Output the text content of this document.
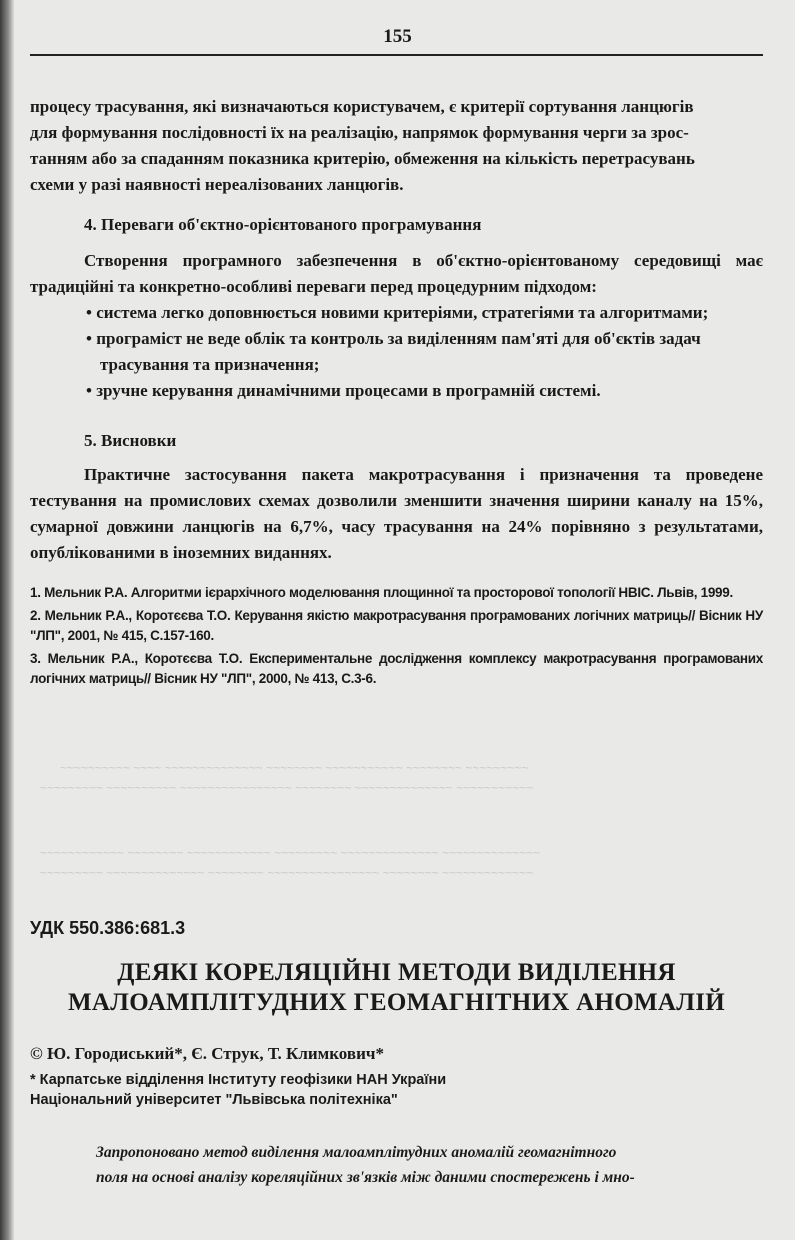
155

процесу трасування, які визначаються користувачем, є критерії сортування ланцюгів

для формування послідовності їх на реалізацію, напрямок формування черги за зрос-

танням або за спаданням показника критерію, обмеження на кількість перетрасувань

схеми у разі наявності нереалізованих ланцюгів.

4. Переваги об'єктно-орієнтованого програмування

Створення програмного забезпечення в об'єктно-орієнтованому середовищі має традиційні та конкретно-особливі переваги перед процедурним підходом:

• система легко доповнюється новими критеріями, стратегіями та алгоритмами;

• програміст не веде облік та контроль за виділенням пам'яті для об'єктів задач трасування та призначення;

• зручне керування динамічними процесами в програмній системі.

5. Висновки

Практичне застосування пакета макротрасування і призначення та проведене тестування на промислових схемах дозволили зменшити значення ширини каналу на 15%, сумарної довжини ланцюгів на 6,7%, часу трасування на 24% порівняно з результатами, опублікованими в іноземних виданнях.

1. Мельник Р.А. Алгоритми ієрархічного моделювання площинної та просторової топології НВІС. Львів, 1999.

2. Мельник Р.А., Коротєєва Т.О. Керування якістю макротрасування програмованих логічних матриць// Вісник НУ "ЛП", 2001, № 415, С.157-160.

3. Мельник Р.А., Коротєєва Т.О. Експериментальне дослідження комплексу макротрасування програмованих логічних матриць// Вісник НУ "ЛП", 2000, № 413, С.3-6.

~~~~~~~~~~ ~~~~ ~~~~~~~~~~~~~~ ~~~~~~~~ ~~~~~~~~~~~ ~~~~~~~~ ~~~~~~~~~
~~~~~~~~~ ~~~~~~~~~~ ~~~~~~~~~~~~~~~~ ~~~~~~~~ ~~~~~~~~~~~~~~ ~~~~~~~~~~~
~~~~~~~~~~~~ ~~~~~~~~ ~~~~~~~~~~~~ ~~~~~~~~~ ~~~~~~~~~~~~~~ ~~~~~~~~~~~~~~
~~~~~~~~~ ~~~~~~~~~~~~~~ ~~~~~~~~ ~~~~~~~~~~~~~~~~ ~~~~~~~~ ~~~~~~~~~~~~~

УДК 550.386:681.3

ДЕЯКІ КОРЕЛЯЦІЙНІ МЕТОДИ ВИДІЛЕННЯ

МАЛОАМПЛІТУДНИХ ГЕОМАГНІТНИХ АНОМАЛІЙ

© Ю. Городиський*, Є. Струк, Т. Климкович*

* Карпатське відділення Інституту геофізики НАН України

Національний університет "Львівська політехніка"

Запропоновано метод виділення малоамплітудних аномалій геомагнітного

поля на основі аналізу кореляційних зв'язків між даними спостережень і мно-
